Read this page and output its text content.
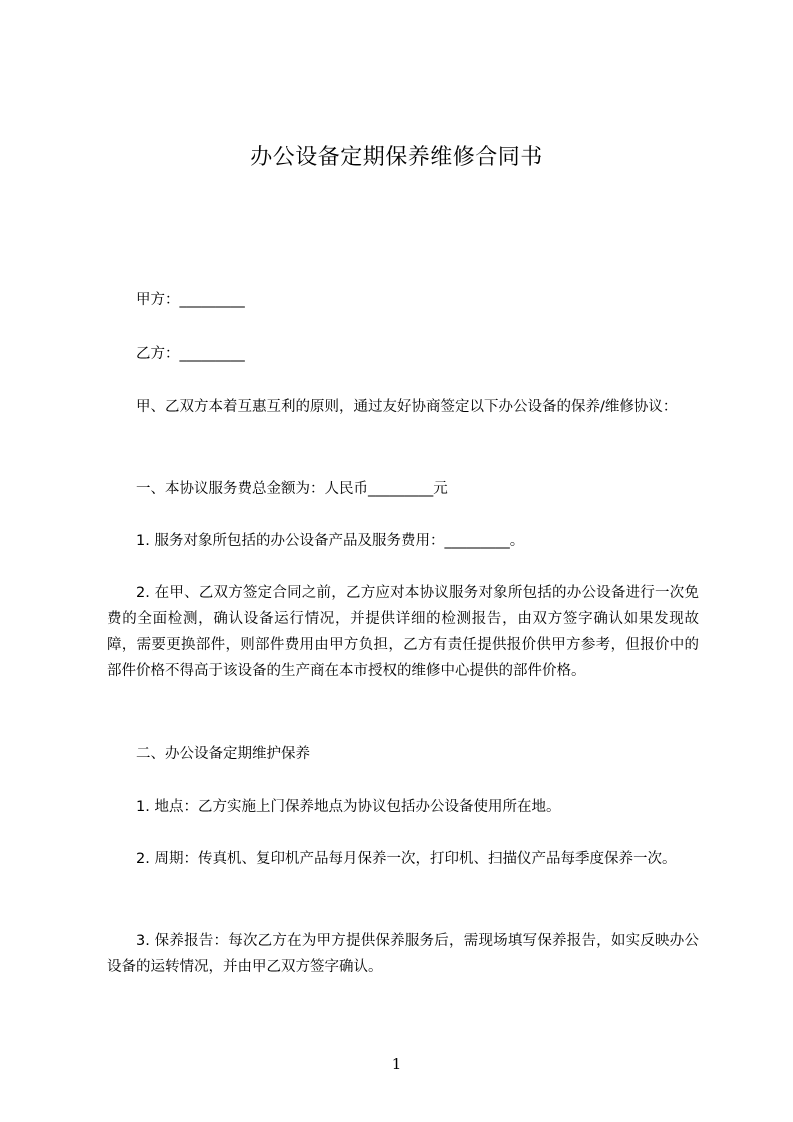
办公设备定期保养维修合同书

甲方：_________

乙方：_________

甲、乙双方本着互惠互利的原则，通过友好协商签定以下办公设备的保养/维修协议：

一、本协议服务费总金额为：人民币_________元

1. 服务对象所包括的办公设备产品及服务费用：_________。

2. 在甲、乙双方签定合同之前，乙方应对本协议服务对象所包括的办公设备进行一次免费的全面检测，确认设备运行情况，并提供详细的检测报告，由双方签字确认如果发现故障，需要更换部件，则部件费用由甲方负担，乙方有责任提供报价供甲方参考，但报价中的部件价格不得高于该设备的生产商在本市授权的维修中心提供的部件价格。

二、办公设备定期维护保养

1. 地点：乙方实施上门保养地点为协议包括办公设备使用所在地。

2. 周期：传真机、复印机产品每月保养一次，打印机、扫描仪产品每季度保养一次。

3. 保养报告：每次乙方在为甲方提供保养服务后，需现场填写保养报告，如实反映办公设备的运转情况，并由甲乙双方签字确认。

1
